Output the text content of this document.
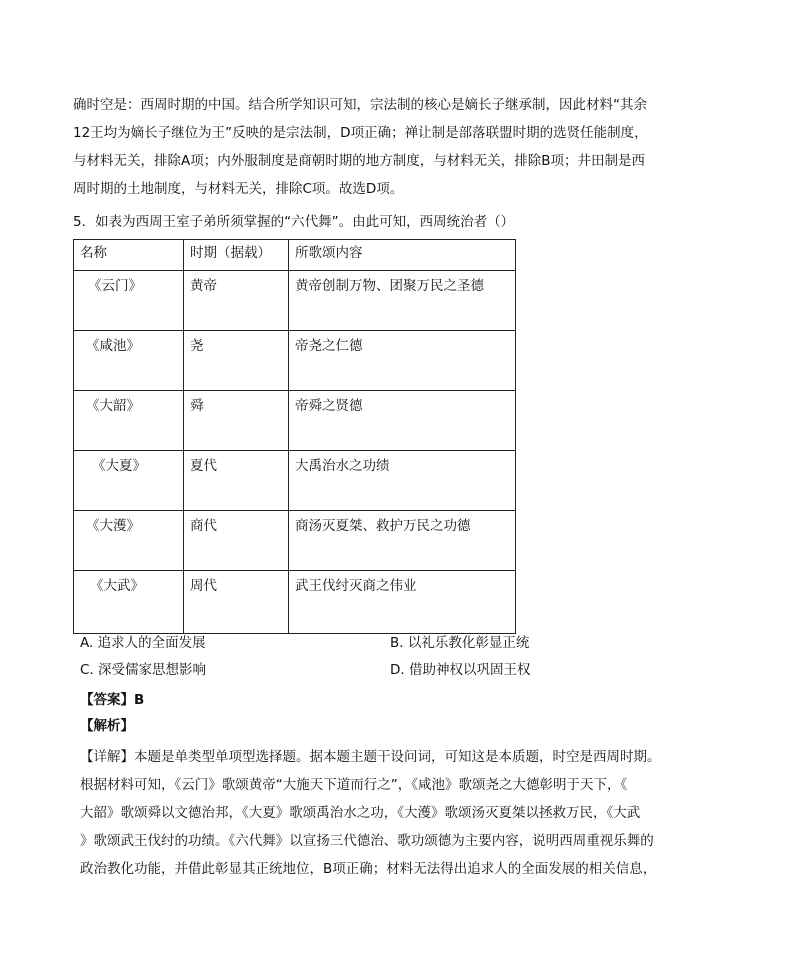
确时空是：西周时期的中国。结合所学知识可知，宗法制的核心是嫡长子继承制，因此材料“其余
12王均为嫡长子继位为王”反映的是宗法制，D项正确；禅让制是部落联盟时期的选贤任能制度，
与材料无关，排除A项；内外服制度是商朝时期的地方制度，与材料无关，排除B项；井田制是西
周时期的土地制度，与材料无关，排除C项。故选D项。
5．如表为西周王室子弟所须掌握的“六代舞”。由此可知，西周统治者（）
名称	时期（据载）	所歌颂内容
《云门》	黄帝	黄帝创制万物、团聚万民之圣德
《咸池》	尧	帝尧之仁德
《大韶》	舜	帝舜之贤德
《大夏》	夏代	大禹治水之功绩
《大濩》	商代	商汤灭夏桀、救护万民之功德
《大武》	周代	武王伐纣灭商之伟业
A. 追求人的全面发展	B. 以礼乐教化彰显正统
C. 深受儒家思想影响	D. 借助神权以巩固王权
【答案】B
【解析】
【详解】本题是单类型单项型选择题。据本题主题干设问词，可知这是本质题，时空是西周时期。
根据材料可知，《云门》歌颂黄帝“大施天下道而行之”，《咸池》歌颂尧之大德彰明于天下，《
大韶》歌颂舜以文德治邦，《大夏》歌颂禹治水之功，《大濩》歌颂汤灭夏桀以拯救万民，《大武
》歌颂武王伐纣的功绩。《六代舞》以宣扬三代德治、歌功颂德为主要内容，说明西周重视乐舞的
政治教化功能，并借此彰显其正统地位，B项正确；材料无法得出追求人的全面发展的相关信息，
